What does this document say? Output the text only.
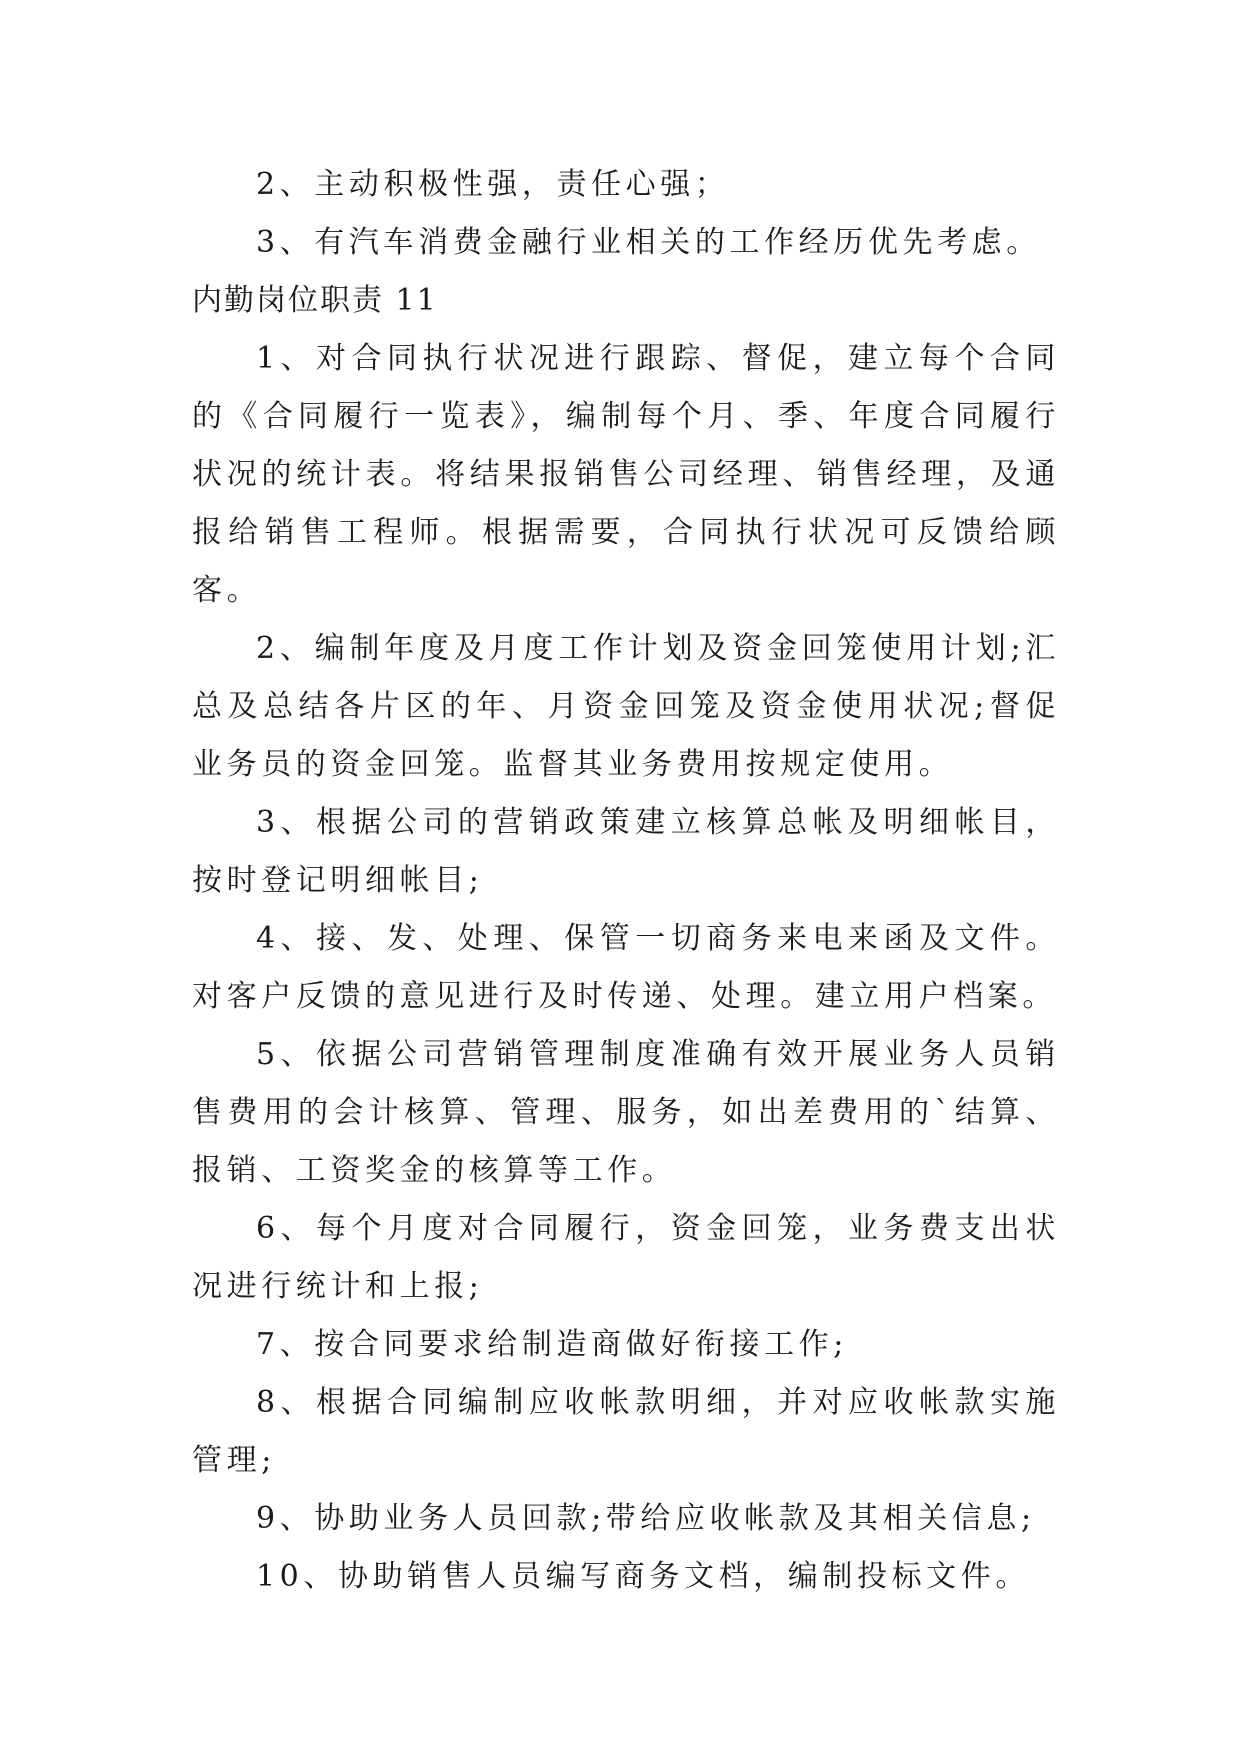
2、主动积极性强，责任心强；

3、有汽车消费金融行业相关的工作经历优先考虑。

内勤岗位职责 11

1、对合同执行状况进行跟踪、督促，建立每个合同的《合同履行一览表》，编制每个月、季、年度合同履行状况的统计表。将结果报销售公司经理、销售经理，及通报给销售工程师。根据需要，合同执行状况可反馈给顾客。

2、编制年度及月度工作计划及资金回笼使用计划;汇总及总结各片区的年、月资金回笼及资金使用状况;督促业务员的资金回笼。监督其业务费用按规定使用。

3、根据公司的营销政策建立核算总帐及明细帐目，按时登记明细帐目;

4、接、发、处理、保管一切商务来电来函及文件。对客户反馈的意见进行及时传递、处理。建立用户档案。

5、依据公司营销管理制度准确有效开展业务人员销售费用的会计核算、管理、服务，如出差费用的`结算、报销、工资奖金的核算等工作。

6、每个月度对合同履行，资金回笼，业务费支出状况进行统计和上报;

7、按合同要求给制造商做好衔接工作;

8、根据合同编制应收帐款明细，并对应收帐款实施管理;

9、协助业务人员回款;带给应收帐款及其相关信息;

10、协助销售人员编写商务文档，编制投标文件。
